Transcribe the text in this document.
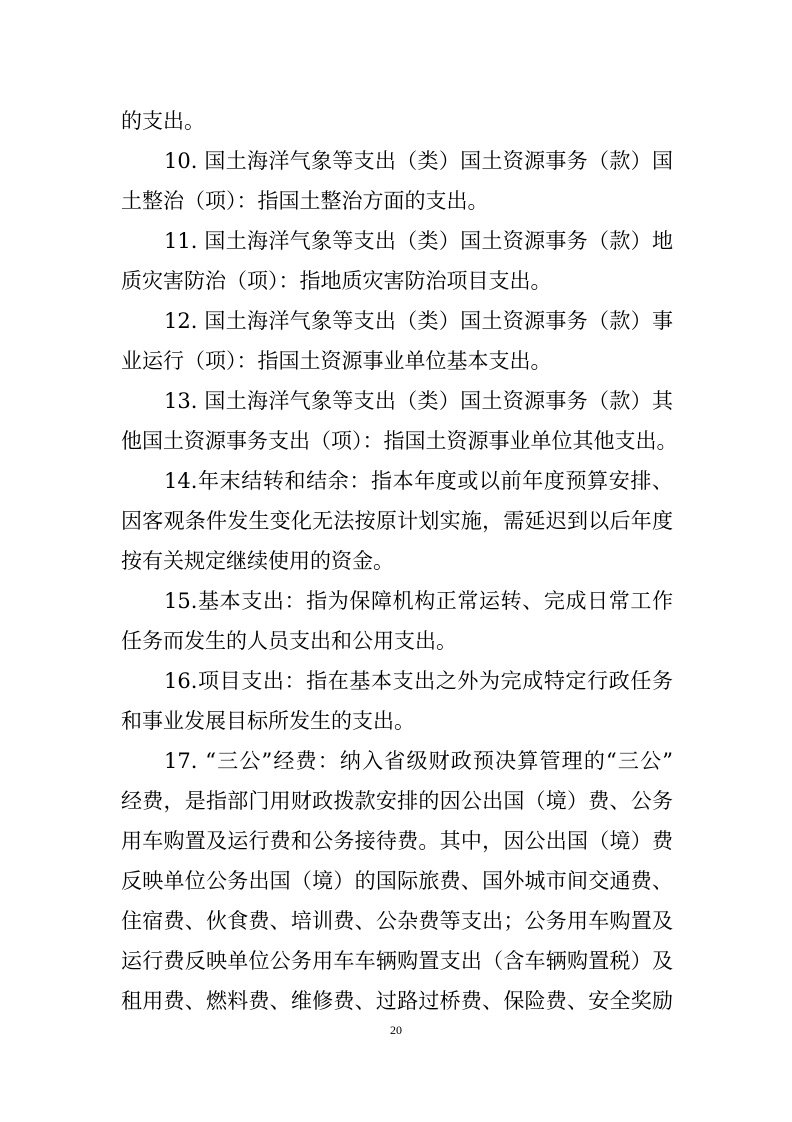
的支出。
10. 国土海洋气象等支出（类）国土资源事务（款）国
土整治（项）：指国土整治方面的支出。
11. 国土海洋气象等支出（类）国土资源事务（款）地
质灾害防治（项）：指地质灾害防治项目支出。
12. 国土海洋气象等支出（类）国土资源事务（款）事
业运行（项）：指国土资源事业单位基本支出。
13. 国土海洋气象等支出（类）国土资源事务（款）其
他国土资源事务支出（项）：指国土资源事业单位其他支出。
14.年末结转和结余：指本年度或以前年度预算安排、
因客观条件发生变化无法按原计划实施，需延迟到以后年度
按有关规定继续使用的资金。
15.基本支出：指为保障机构正常运转、完成日常工作
任务而发生的人员支出和公用支出。
16.项目支出：指在基本支出之外为完成特定行政任务
和事业发展目标所发生的支出。
17. “三公”经费：纳入省级财政预决算管理的“三公”
经费，是指部门用财政拨款安排的因公出国（境）费、公务
用车购置及运行费和公务接待费。其中，因公出国（境）费
反映单位公务出国（境）的国际旅费、国外城市间交通费、
住宿费、伙食费、培训费、公杂费等支出；公务用车购置及
运行费反映单位公务用车车辆购置支出（含车辆购置税）及
租用费、燃料费、维修费、过路过桥费、保险费、安全奖励
20
